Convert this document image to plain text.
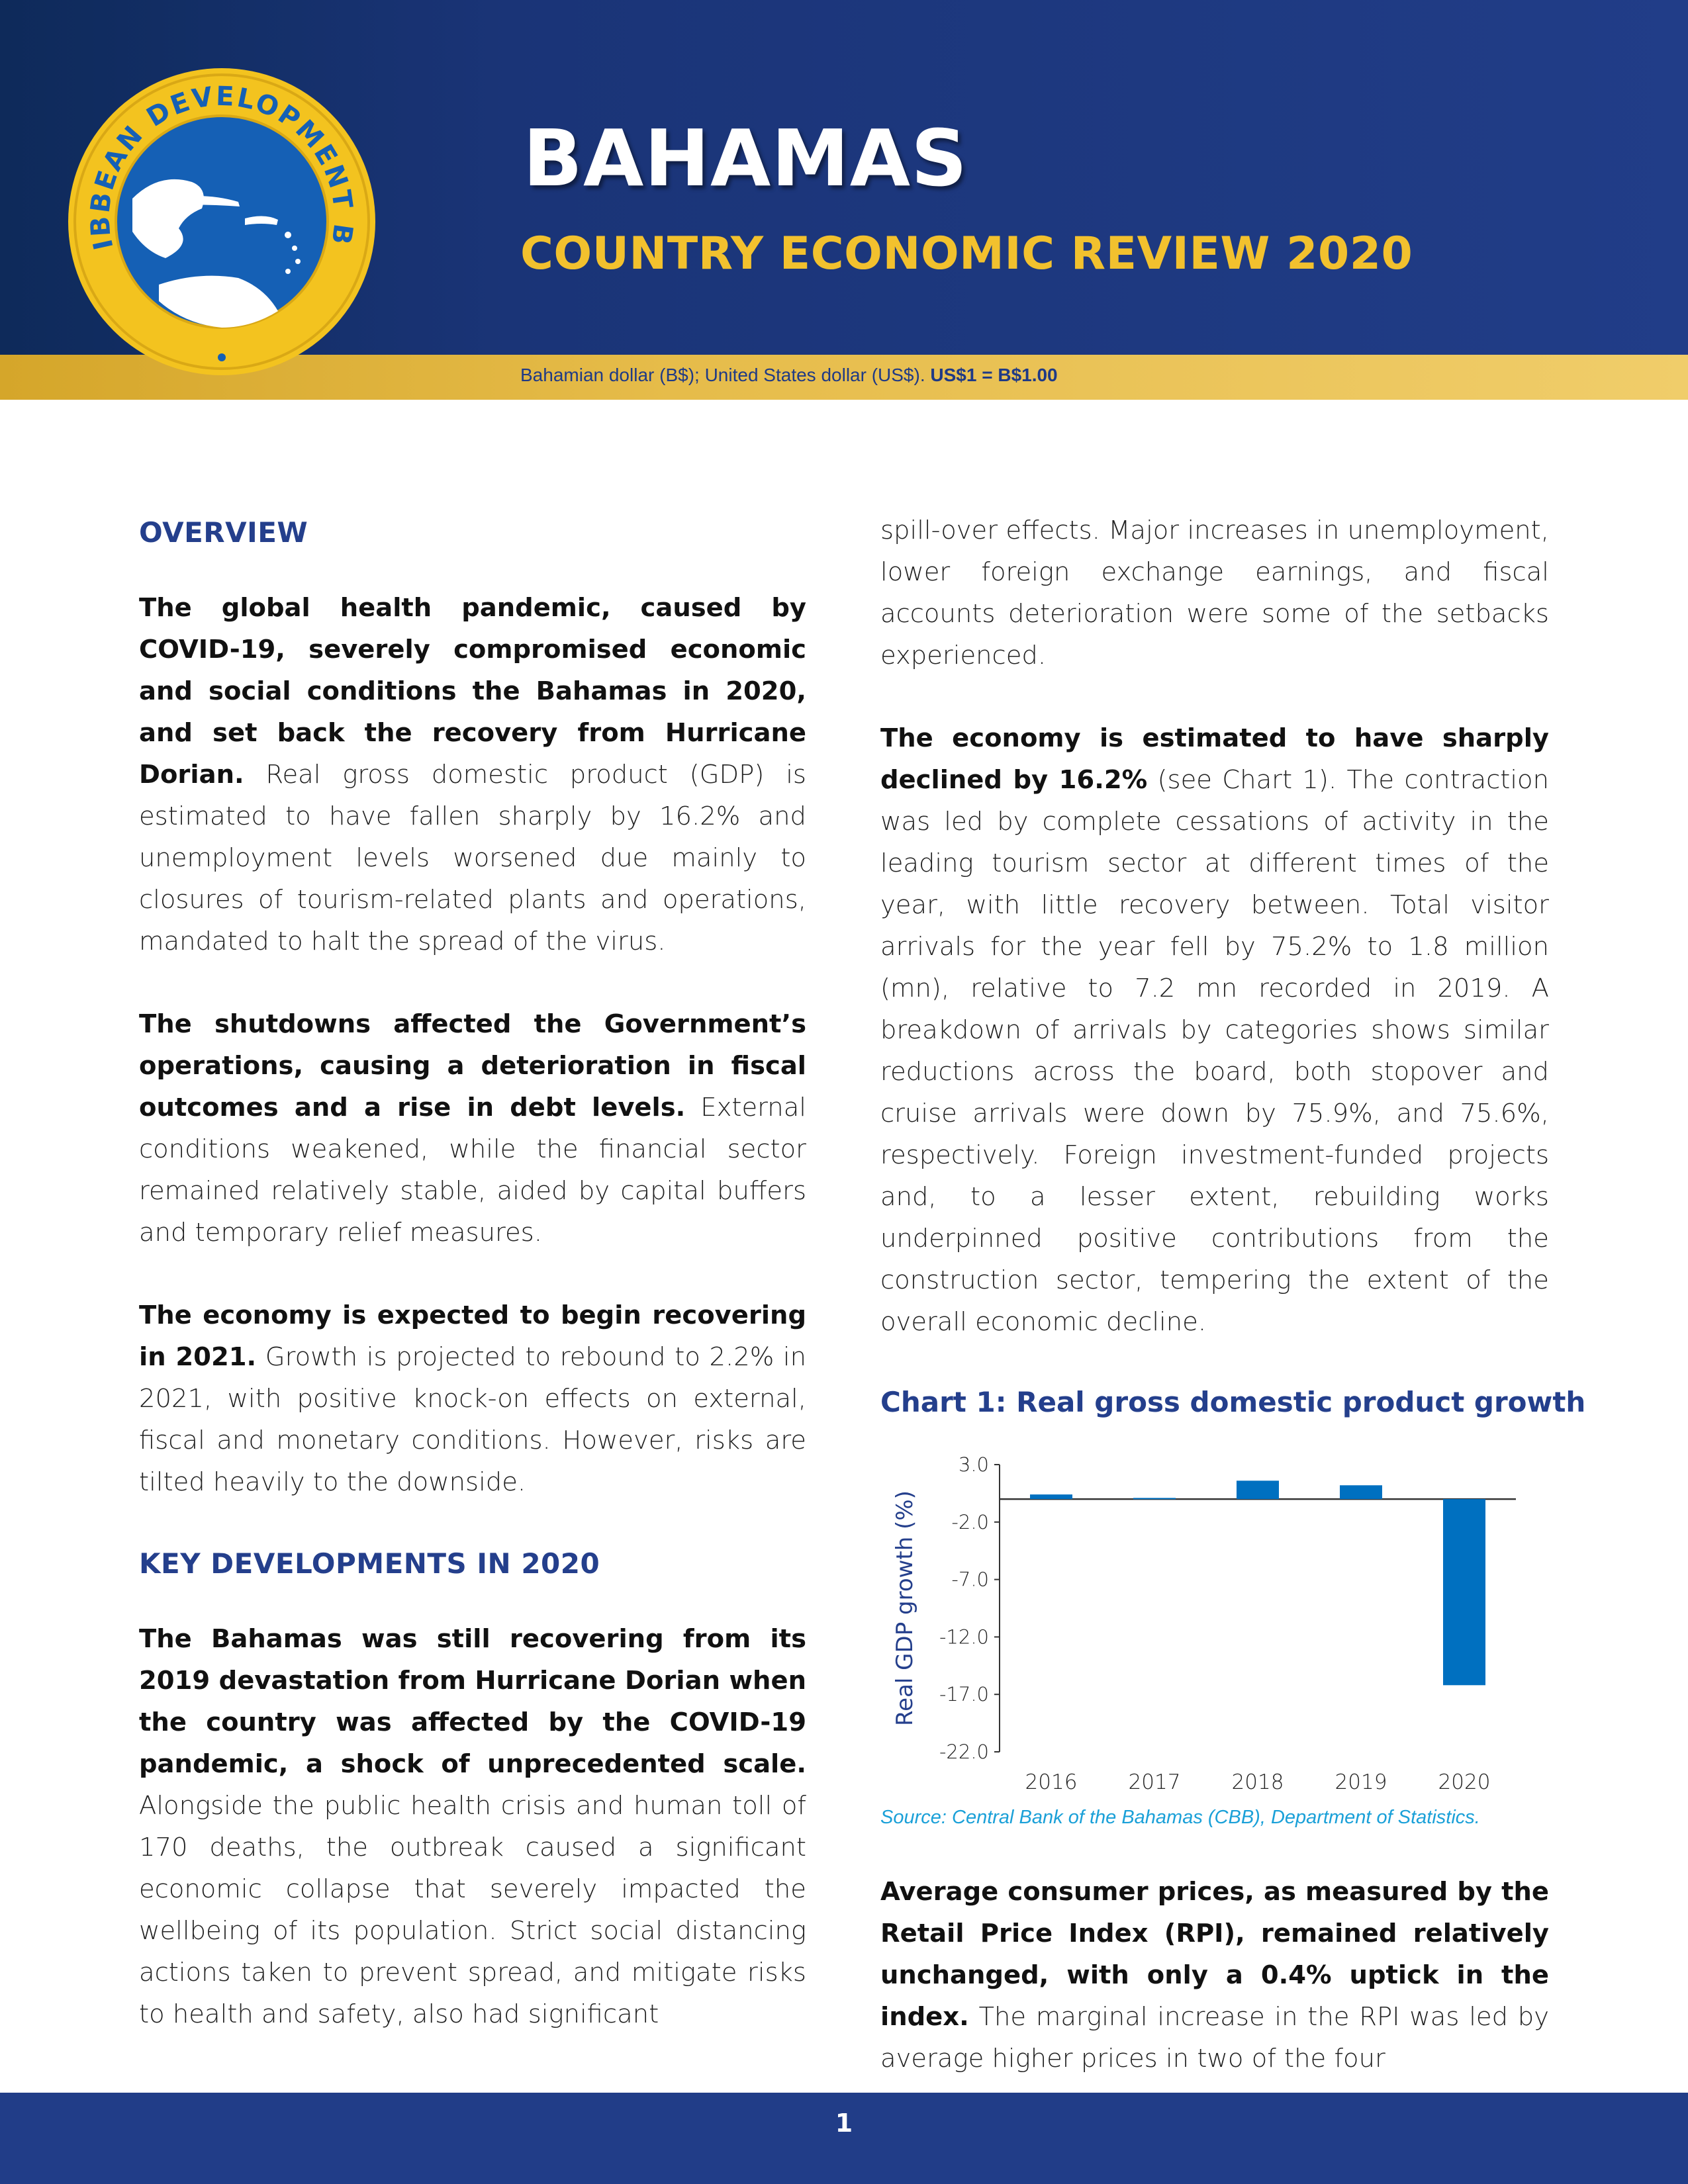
Bahamian dollar (B$); United States dollar (US$). US$1 = B$1.00
IBBEAN DEVELOPMENT B
BAHAMAS
COUNTRY ECONOMIC REVIEW 2020
OVERVIEW

The global health pandemic, caused by COVID-19, severely compromised economic and social conditions the Bahamas in 2020, and set back the recovery from Hurricane Dorian. Real gross domestic product (GDP) is estimated to have fallen sharply by 16.2% and unemployment levels worsened due mainly to closures of tourism-related plants and operations, mandated to halt the spread of the virus.

The shutdowns affected the Government’s operations, causing a deterioration in fiscal outcomes and a rise in debt levels. External conditions weakened, while the financial sector remained relatively stable, aided by capital buffers and temporary relief measures.

The economy is expected to begin recovering in 2021. Growth is projected to rebound to 2.2% in 2021, with positive knock-on effects on external, fiscal and monetary conditions. However, risks are tilted heavily to the downside.

KEY DEVELOPMENTS IN 2020

The Bahamas was still recovering from its 2019 devastation from Hurricane Dorian when the country was affected by the COVID-19 pandemic, a shock of unprecedented scale. Alongside the public health crisis and human toll of 170 deaths, the outbreak caused a significant economic collapse that severely impacted the wellbeing of its population. Strict social distancing actions taken to prevent spread, and mitigate risks to health and safety, also had significant

spill-over effects. Major increases in unemployment, lower foreign exchange earnings, and fiscal accounts deterioration were some of the setbacks experienced.

The economy is estimated to have sharply declined by 16.2% (see Chart 1). The contraction was led by complete cessations of activity in the leading tourism sector at different times of the year, with little recovery between. Total visitor arrivals for the year fell by 75.2% to 1.8 million (mn), relative to 7.2 mn recorded in 2019. A breakdown of arrivals by categories shows similar reductions across the board, both stopover and cruise arrivals were down by 75.9%, and 75.6%, respectively. Foreign investment-funded projects and, to a lesser extent, rebuilding works underpinned positive contributions from the construction sector, tempering the extent of the overall economic decline.

Chart 1: Real gross domestic product growth
3.0
-2.0
-7.0
-12.0
-17.0
-22.0
Real GDP growth (%)
2016 2017 2018 2019 2020

Source: Central Bank of the Bahamas (CBB), Department of Statistics.

Average consumer prices, as measured by the Retail Price Index (RPI), remained relatively unchanged, with only a 0.4% uptick in the index. The marginal increase in the RPI was led by average higher prices in two of the four

1
